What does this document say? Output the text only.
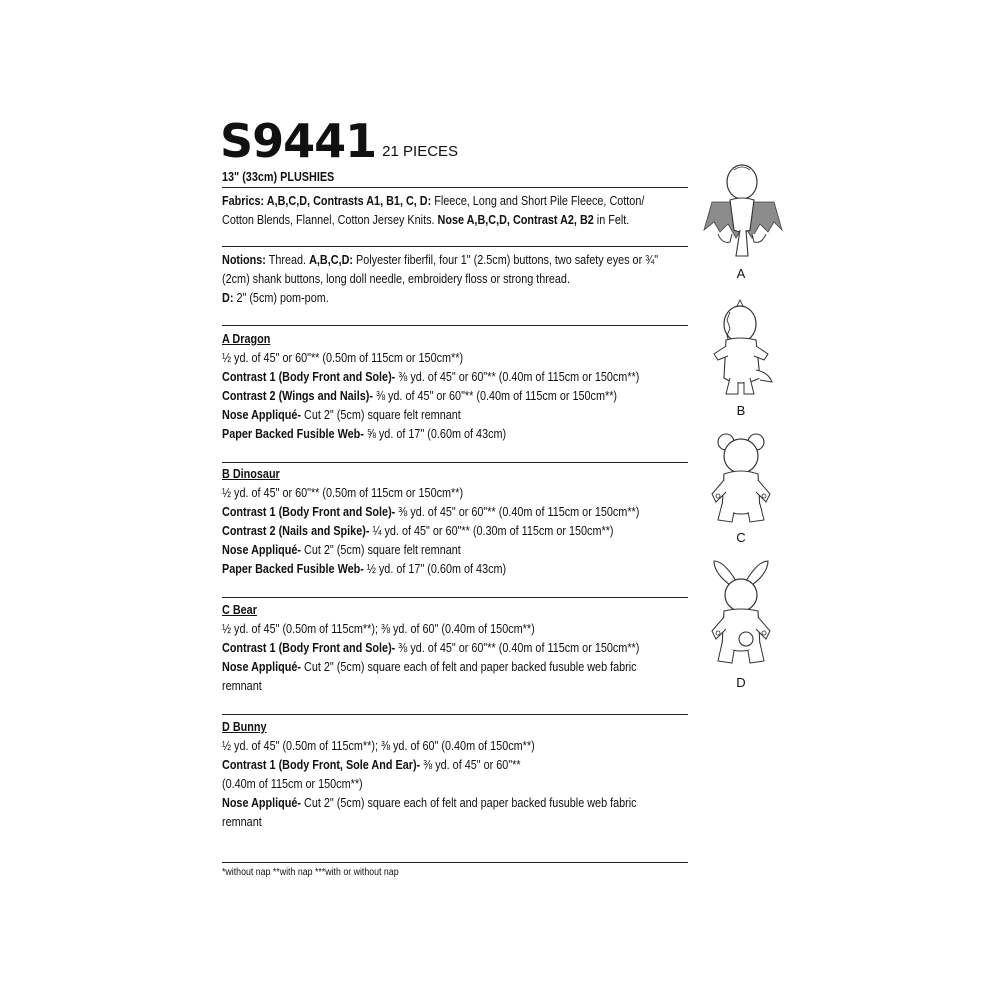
S9441 21 PIECES
13" (33cm) PLUSHIES
Fabrics: A,B,C,D, Contrasts A1, B1, C, D: Fleece, Long and Short Pile Fleece, Cotton/
Cotton Blends, Flannel, Cotton Jersey Knits. Nose A,B,C,D, Contrast A2, B2 in Felt.
Notions: Thread. A,B,C,D: Polyester fiberfil, four 1" (2.5cm) buttons, two safety eyes or ¾"
(2cm) shank buttons, long doll needle, embroidery floss or strong thread.
D: 2" (5cm) pom-pom.
A Dragon
½ yd. of 45" or 60"** (0.50m of 115cm or 150cm**)
Contrast 1 (Body Front and Sole)- ⅜ yd. of 45" or 60"** (0.40m of 115cm or 150cm**)
Contrast 2 (Wings and Nails)- ⅜ yd. of 45" or 60"** (0.40m of 115cm or 150cm**)
Nose Appliqué- Cut 2" (5cm) square felt remnant
Paper Backed Fusible Web- ⅝ yd. of 17" (0.60m of 43cm)
B Dinosaur
½ yd. of 45" or 60"** (0.50m of 115cm or 150cm**)
Contrast 1 (Body Front and Sole)- ⅜ yd. of 45" or 60"** (0.40m of 115cm or 150cm**)
Contrast 2 (Nails and Spike)- ¼ yd. of 45" or 60"** (0.30m of 115cm or 150cm**)
Nose Appliqué- Cut 2" (5cm) square felt remnant
Paper Backed Fusible Web- ½ yd. of 17" (0.60m of 43cm)
C Bear
½ yd. of 45" (0.50m of 115cm**); ⅜ yd. of 60" (0.40m of 150cm**)
Contrast 1 (Body Front and Sole)- ⅜ yd. of 45" or 60"** (0.40m of 115cm or 150cm**)
Nose Appliqué- Cut 2" (5cm) square each of felt and paper backed fusuble web fabric
remnant
D Bunny
½ yd. of 45" (0.50m of 115cm**); ⅜ yd. of 60" (0.40m of 150cm**)
Contrast 1 (Body Front, Sole And Ear)- ⅜ yd. of 45" or 60"**
(0.40m of 115cm or 150cm**)
Nose Appliqué- Cut 2" (5cm) square each of felt and paper backed fusuble web fabric
remnant
*without nap **with nap ***with or without nap
A
B
C
D
